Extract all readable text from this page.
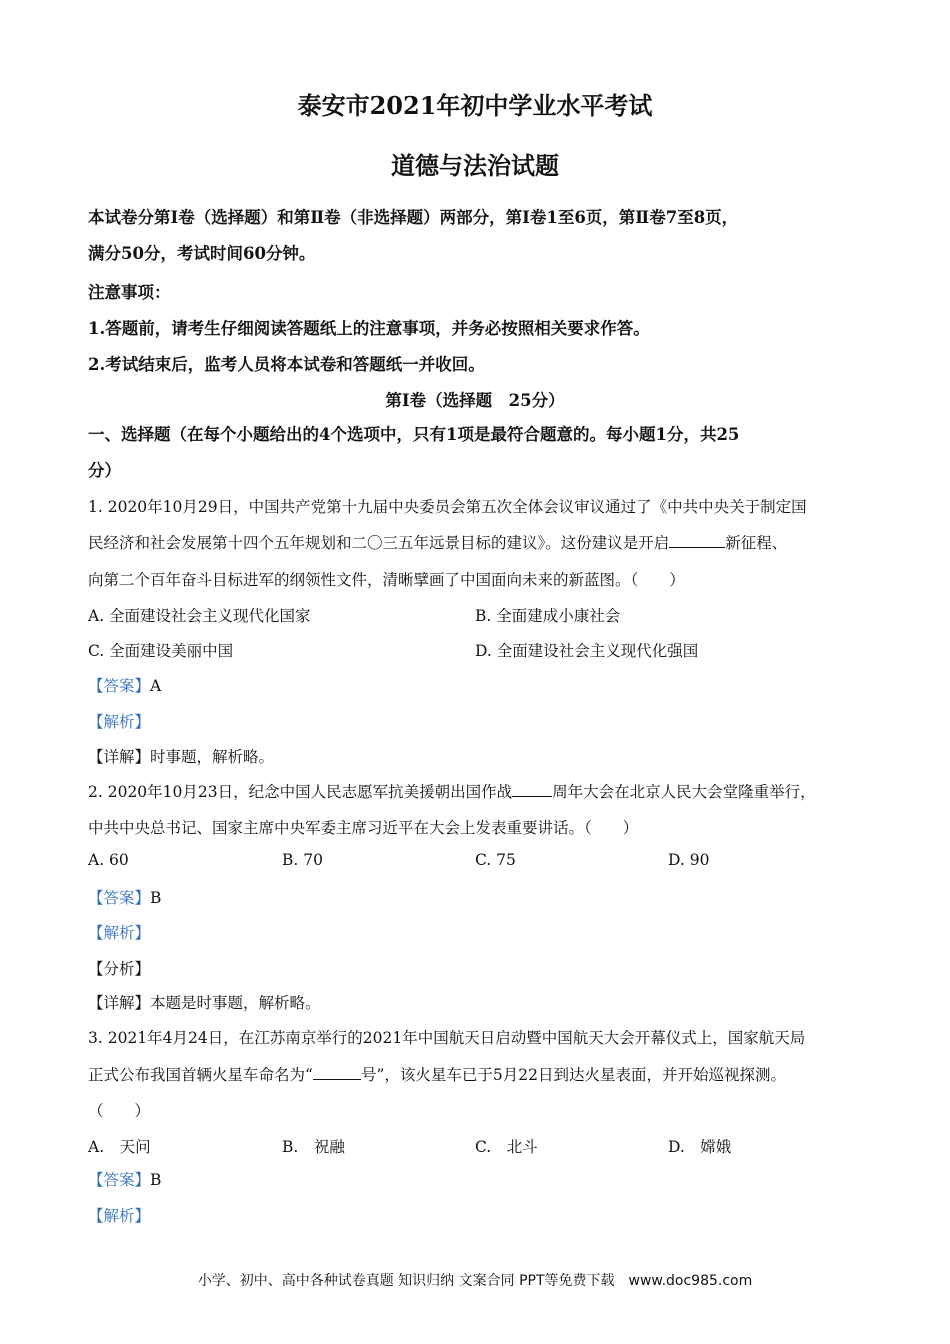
泰安市2021年初中学业水平考试
道德与法治试题
本试卷分第Ⅰ卷（选择题）和第Ⅱ卷（非选择题）两部分，第Ⅰ卷1至6页，第Ⅱ卷7至8页，
满分50分，考试时间60分钟。
注意事项：
1.答题前，请考生仔细阅读答题纸上的注意事项，并务必按照相关要求作答。
2.考试结束后，监考人员将本试卷和答题纸一并收回。
第Ⅰ卷（选择题　25分）
一、选择题（在每个小题给出的4个选项中，只有1项是最符合题意的。每小题1分，共25
分）
1. 2020年10月29日，中国共产党第十九届中央委员会第五次全体会议审议通过了《中共中央关于制定国
民经济和社会发展第十四个五年规划和二〇三五年远景目标的建议》。这份建议是开启	新征程、
向第二个百年奋斗目标进军的纲领性文件，清晰擘画了中国面向未来的新蓝图。（　　）
A. 全面建设社会主义现代化国家	B. 全面建成小康社会
C. 全面建设美丽中国	D. 全面建设社会主义现代化强国
【答案】A
【解析】
【详解】时事题，解析略。
2. 2020年10月23日，纪念中国人民志愿军抗美援朝出国作战	周年大会在北京人民大会堂隆重举行，
中共中央总书记、国家主席中央军委主席习近平在大会上发表重要讲话。（　　）
A. 60	B. 70	C. 75	D. 90
【答案】B
【解析】
【分析】
【详解】本题是时事题，解析略。
3. 2021年4月24日，在江苏南京举行的2021年中国航天日启动暨中国航天大会开幕仪式上，国家航天局
正式公布我国首辆火星车命名为“	号”，该火星车已于5月22日到达火星表面，并开始巡视探测。
（　　）
A.　天问	B.　祝融	C.　北斗	D.　嫦娥
【答案】B
【解析】
小学、初中、高中各种试卷真题 知识归纳 文案合同 PPT等免费下载　www.doc985.com
